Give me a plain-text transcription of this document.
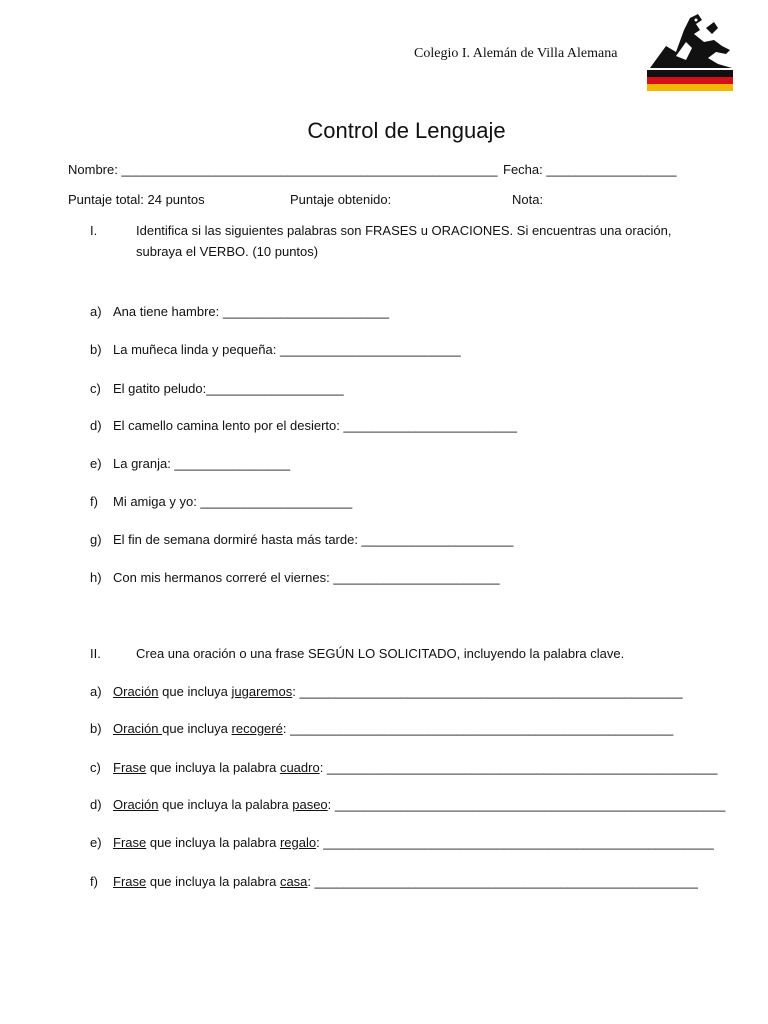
Colegio I. Alemán de Villa Alemana
Control de Lenguaje
Nombre: ____________________________________________________ Fecha: __________________
Puntaje total: 24 puntos	Puntaje obtenido:	Nota:
I.	Identifica si las siguientes palabras son FRASES u ORACIONES. Si encuentras una oración,
subraya el VERBO. (10 puntos)
a) Ana tiene hambre: _______________________
b) La muñeca linda y pequeña: _________________________
c) El gatito peludo:___________________
d) El camello camina lento por el desierto: ________________________
e) La granja: ________________
f) Mi amiga y yo: _____________________
g) El fin de semana dormiré hasta más tarde: _____________________
h) Con mis hermanos correré el viernes: _______________________
II.	Crea una oración o una frase SEGÚN LO SOLICITADO, incluyendo la palabra clave.
a) Oración que incluya jugaremos: _____________________________________________________
b) Oración que incluya recogeré: _____________________________________________________
c) Frase que incluya la palabra cuadro: ______________________________________________________
d) Oración que incluya la palabra paseo: ______________________________________________________
e) Frase que incluya la palabra regalo: ______________________________________________________
f) Frase que incluya la palabra casa: _____________________________________________________
